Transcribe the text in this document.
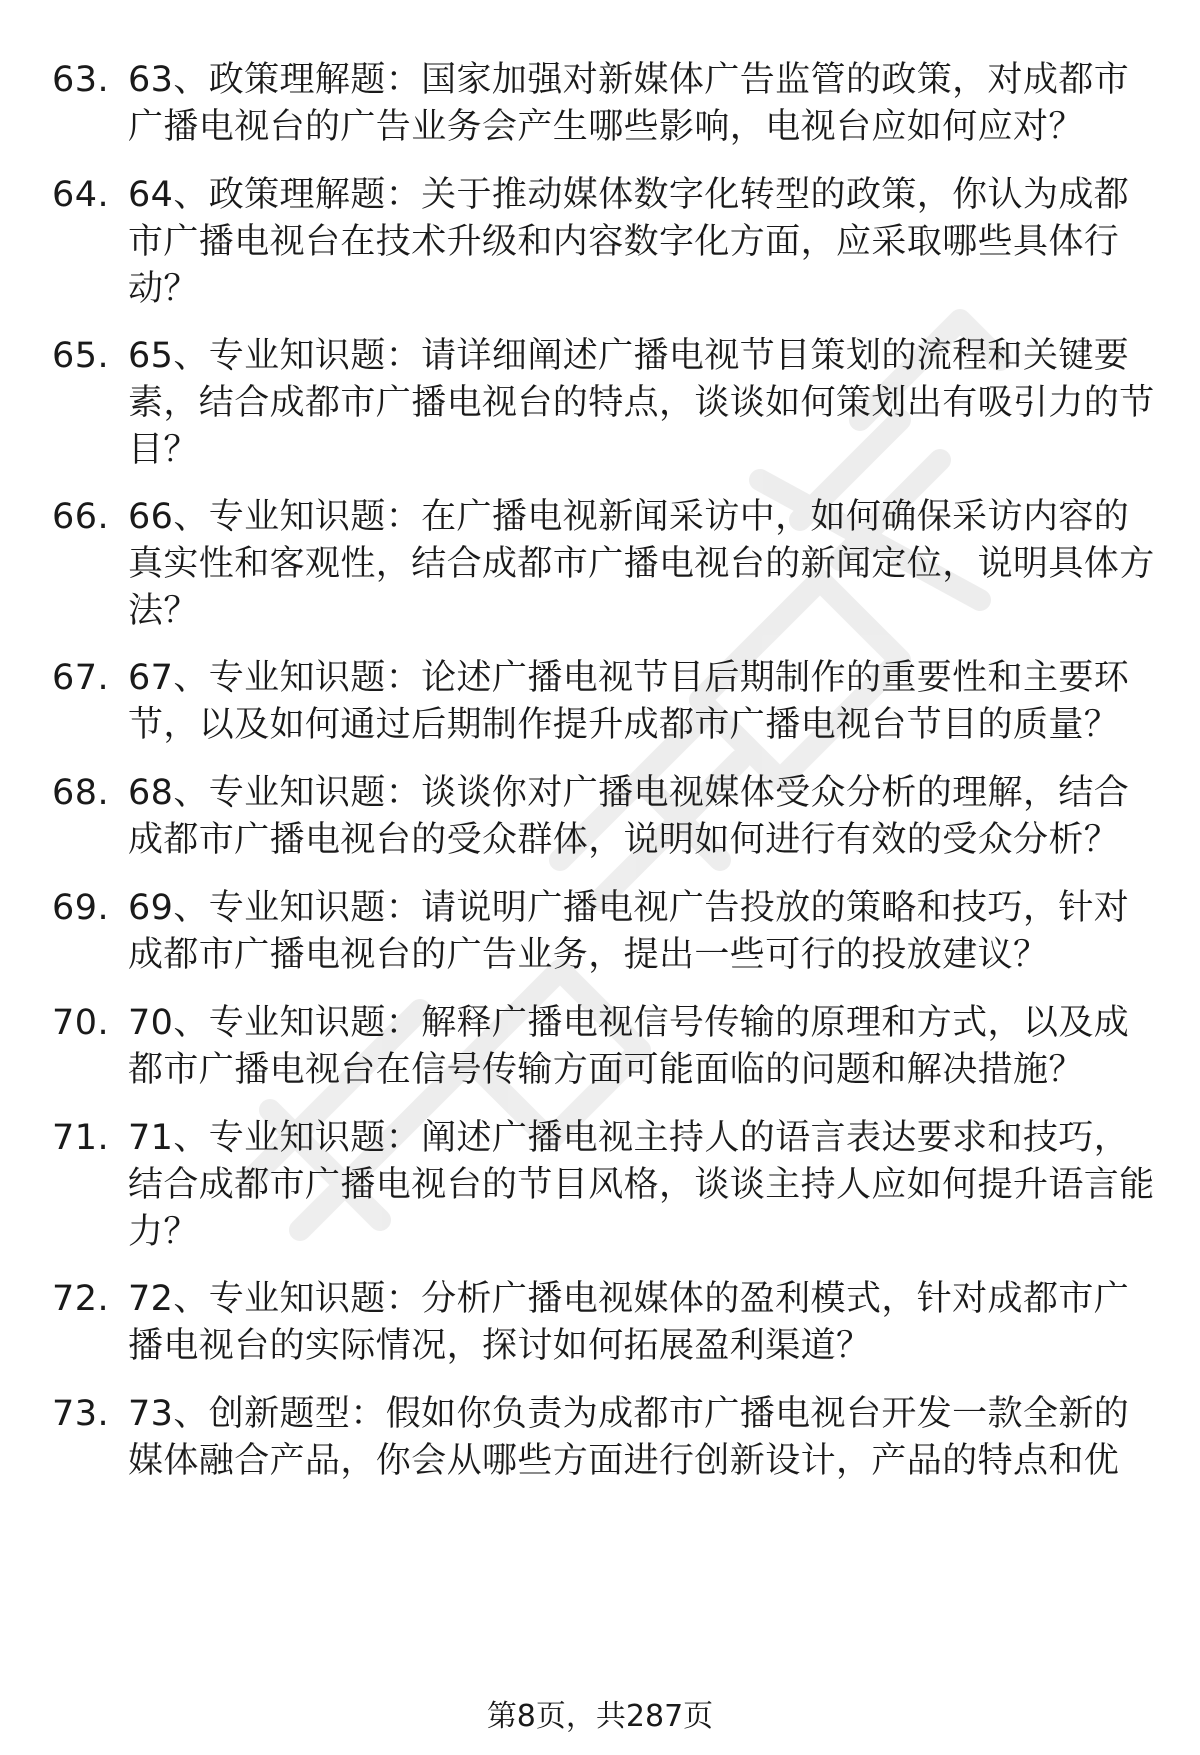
63. 63、政策理解题：国家加强对新媒体广告监管的政策，对成都市广播电视台的广告业务会产生哪些影响，电视台应如何应对？
64. 64、政策理解题：关于推动媒体数字化转型的政策，你认为成都市广播电视台在技术升级和内容数字化方面，应采取哪些具体行动？
65. 65、专业知识题：请详细阐述广播电视节目策划的流程和关键要素，结合成都市广播电视台的特点，谈谈如何策划出有吸引力的节目？
66. 66、专业知识题：在广播电视新闻采访中，如何确保采访内容的真实性和客观性，结合成都市广播电视台的新闻定位，说明具体方法？
67. 67、专业知识题：论述广播电视节目后期制作的重要性和主要环节，以及如何通过后期制作提升成都市广播电视台节目的质量？
68. 68、专业知识题：谈谈你对广播电视媒体受众分析的理解，结合成都市广播电视台的受众群体，说明如何进行有效的受众分析？
69. 69、专业知识题：请说明广播电视广告投放的策略和技巧，针对成都市广播电视台的广告业务，提出一些可行的投放建议？
70. 70、专业知识题：解释广播电视信号传输的原理和方式，以及成都市广播电视台在信号传输方面可能面临的问题和解决措施？
71. 71、专业知识题：阐述广播电视主持人的语言表达要求和技巧，结合成都市广播电视台的节目风格，谈谈主持人应如何提升语言能力？
72. 72、专业知识题：分析广播电视媒体的盈利模式，针对成都市广播电视台的实际情况，探讨如何拓展盈利渠道？
73. 73、创新题型：假如你负责为成都市广播电视台开发一款全新的媒体融合产品，你会从哪些方面进行创新设计，产品的特点和优
第8页，共287页
